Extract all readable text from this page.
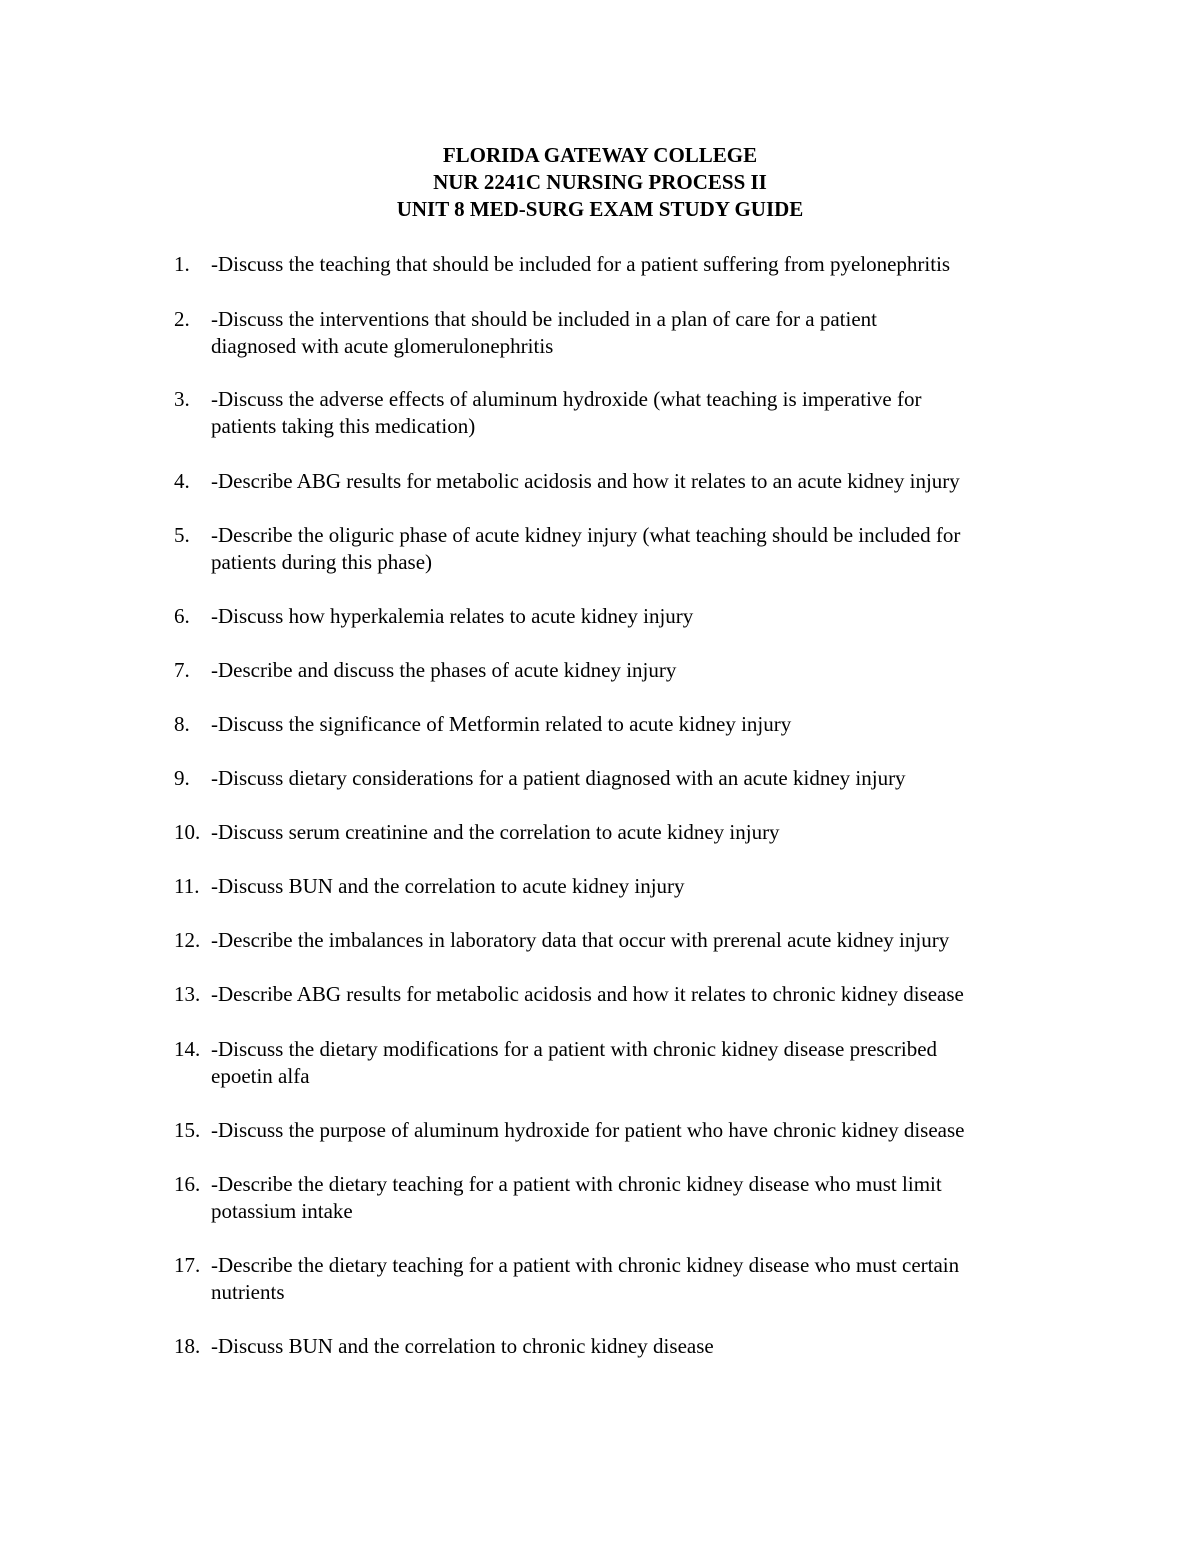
FLORIDA GATEWAY COLLEGE
NUR 2241C NURSING PROCESS II
UNIT 8 MED-SURG EXAM STUDY GUIDE
1. -Discuss the teaching that should be included for a patient suffering from pyelonephritis
2. -Discuss the interventions that should be included in a plan of care for a patient
diagnosed with acute glomerulonephritis
3. -Discuss the adverse effects of aluminum hydroxide (what teaching is imperative for
patients taking this medication)
4. -Describe ABG results for metabolic acidosis and how it relates to an acute kidney injury
5. -Describe the oliguric phase of acute kidney injury (what teaching should be included for
patients during this phase)
6. -Discuss how hyperkalemia relates to acute kidney injury
7. -Describe and discuss the phases of acute kidney injury
8. -Discuss the significance of Metformin related to acute kidney injury
9. -Discuss dietary considerations for a patient diagnosed with an acute kidney injury
10. -Discuss serum creatinine and the correlation to acute kidney injury
11. -Discuss BUN and the correlation to acute kidney injury
12. -Describe the imbalances in laboratory data that occur with prerenal acute kidney injury
13. -Describe ABG results for metabolic acidosis and how it relates to chronic kidney disease
14. -Discuss the dietary modifications for a patient with chronic kidney disease prescribed
epoetin alfa
15. -Discuss the purpose of aluminum hydroxide for patient who have chronic kidney disease
16. -Describe the dietary teaching for a patient with chronic kidney disease who must limit
potassium intake
17. -Describe the dietary teaching for a patient with chronic kidney disease who must certain
nutrients
18. -Discuss BUN and the correlation to chronic kidney disease
